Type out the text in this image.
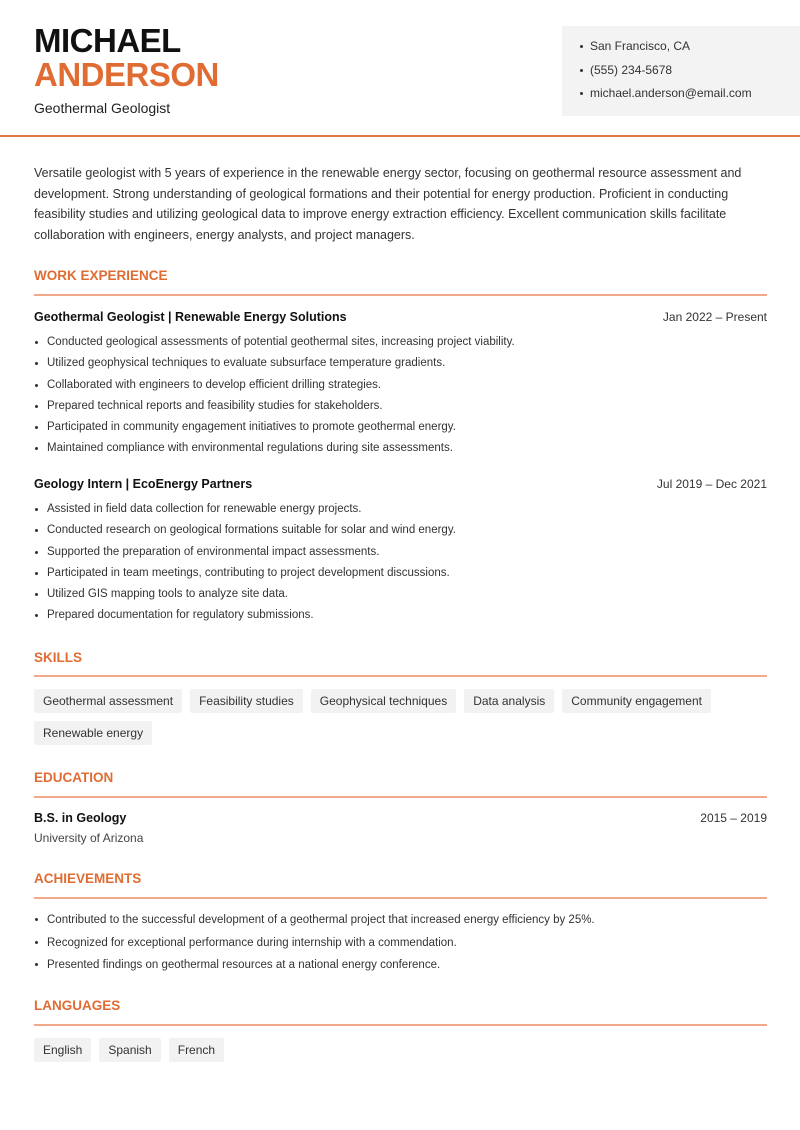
MICHAEL
ANDERSON
Geothermal Geologist
San Francisco, CA
(555) 234-5678
michael.anderson@email.com

Versatile geologist with 5 years of experience in the renewable energy sector, focusing on geothermal resource assessment and development. Strong understanding of geological formations and their potential for energy production. Proficient in conducting feasibility studies and utilizing geological data to improve energy extraction efficiency. Excellent communication skills facilitate collaboration with engineers, energy analysts, and project managers.

WORK EXPERIENCE
Geothermal Geologist | Renewable Energy Solutions	Jan 2022 – Present
Conducted geological assessments of potential geothermal sites, increasing project viability.
Utilized geophysical techniques to evaluate subsurface temperature gradients.
Collaborated with engineers to develop efficient drilling strategies.
Prepared technical reports and feasibility studies for stakeholders.
Participated in community engagement initiatives to promote geothermal energy.
Maintained compliance with environmental regulations during site assessments.
Geology Intern | EcoEnergy Partners	Jul 2019 – Dec 2021
Assisted in field data collection for renewable energy projects.
Conducted research on geological formations suitable for solar and wind energy.
Supported the preparation of environmental impact assessments.
Participated in team meetings, contributing to project development discussions.
Utilized GIS mapping tools to analyze site data.
Prepared documentation for regulatory submissions.
SKILLS
Geothermal assessment	Feasibility studies	Geophysical techniques	Data analysis	Community engagement
Renewable energy
EDUCATION
B.S. in Geology	2015 – 2019
University of Arizona
ACHIEVEMENTS
Contributed to the successful development of a geothermal project that increased energy efficiency by 25%.
Recognized for exceptional performance during internship with a commendation.
Presented findings on geothermal resources at a national energy conference.
LANGUAGES
English	Spanish	French
